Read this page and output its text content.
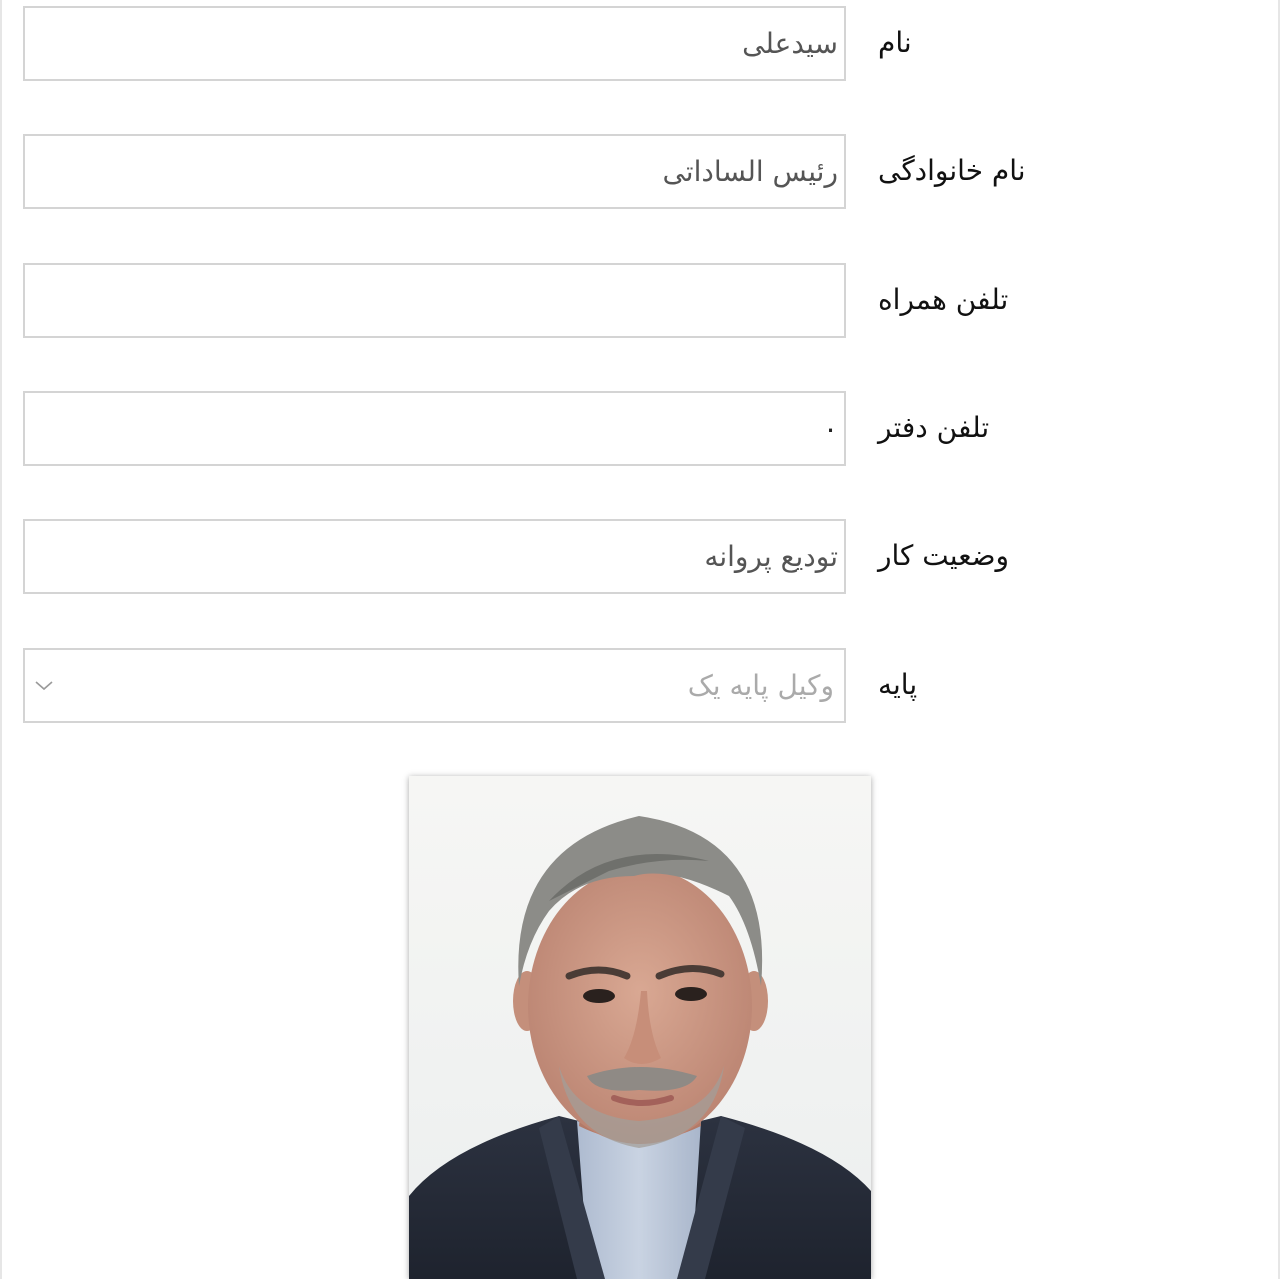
سیدعلی نام
رئیس الساداتی نام خانوادگی
تلفن همراه
۰ تلفن دفتر
تودیع پروانه وضعیت کار
وکیل پایه یک پایه
